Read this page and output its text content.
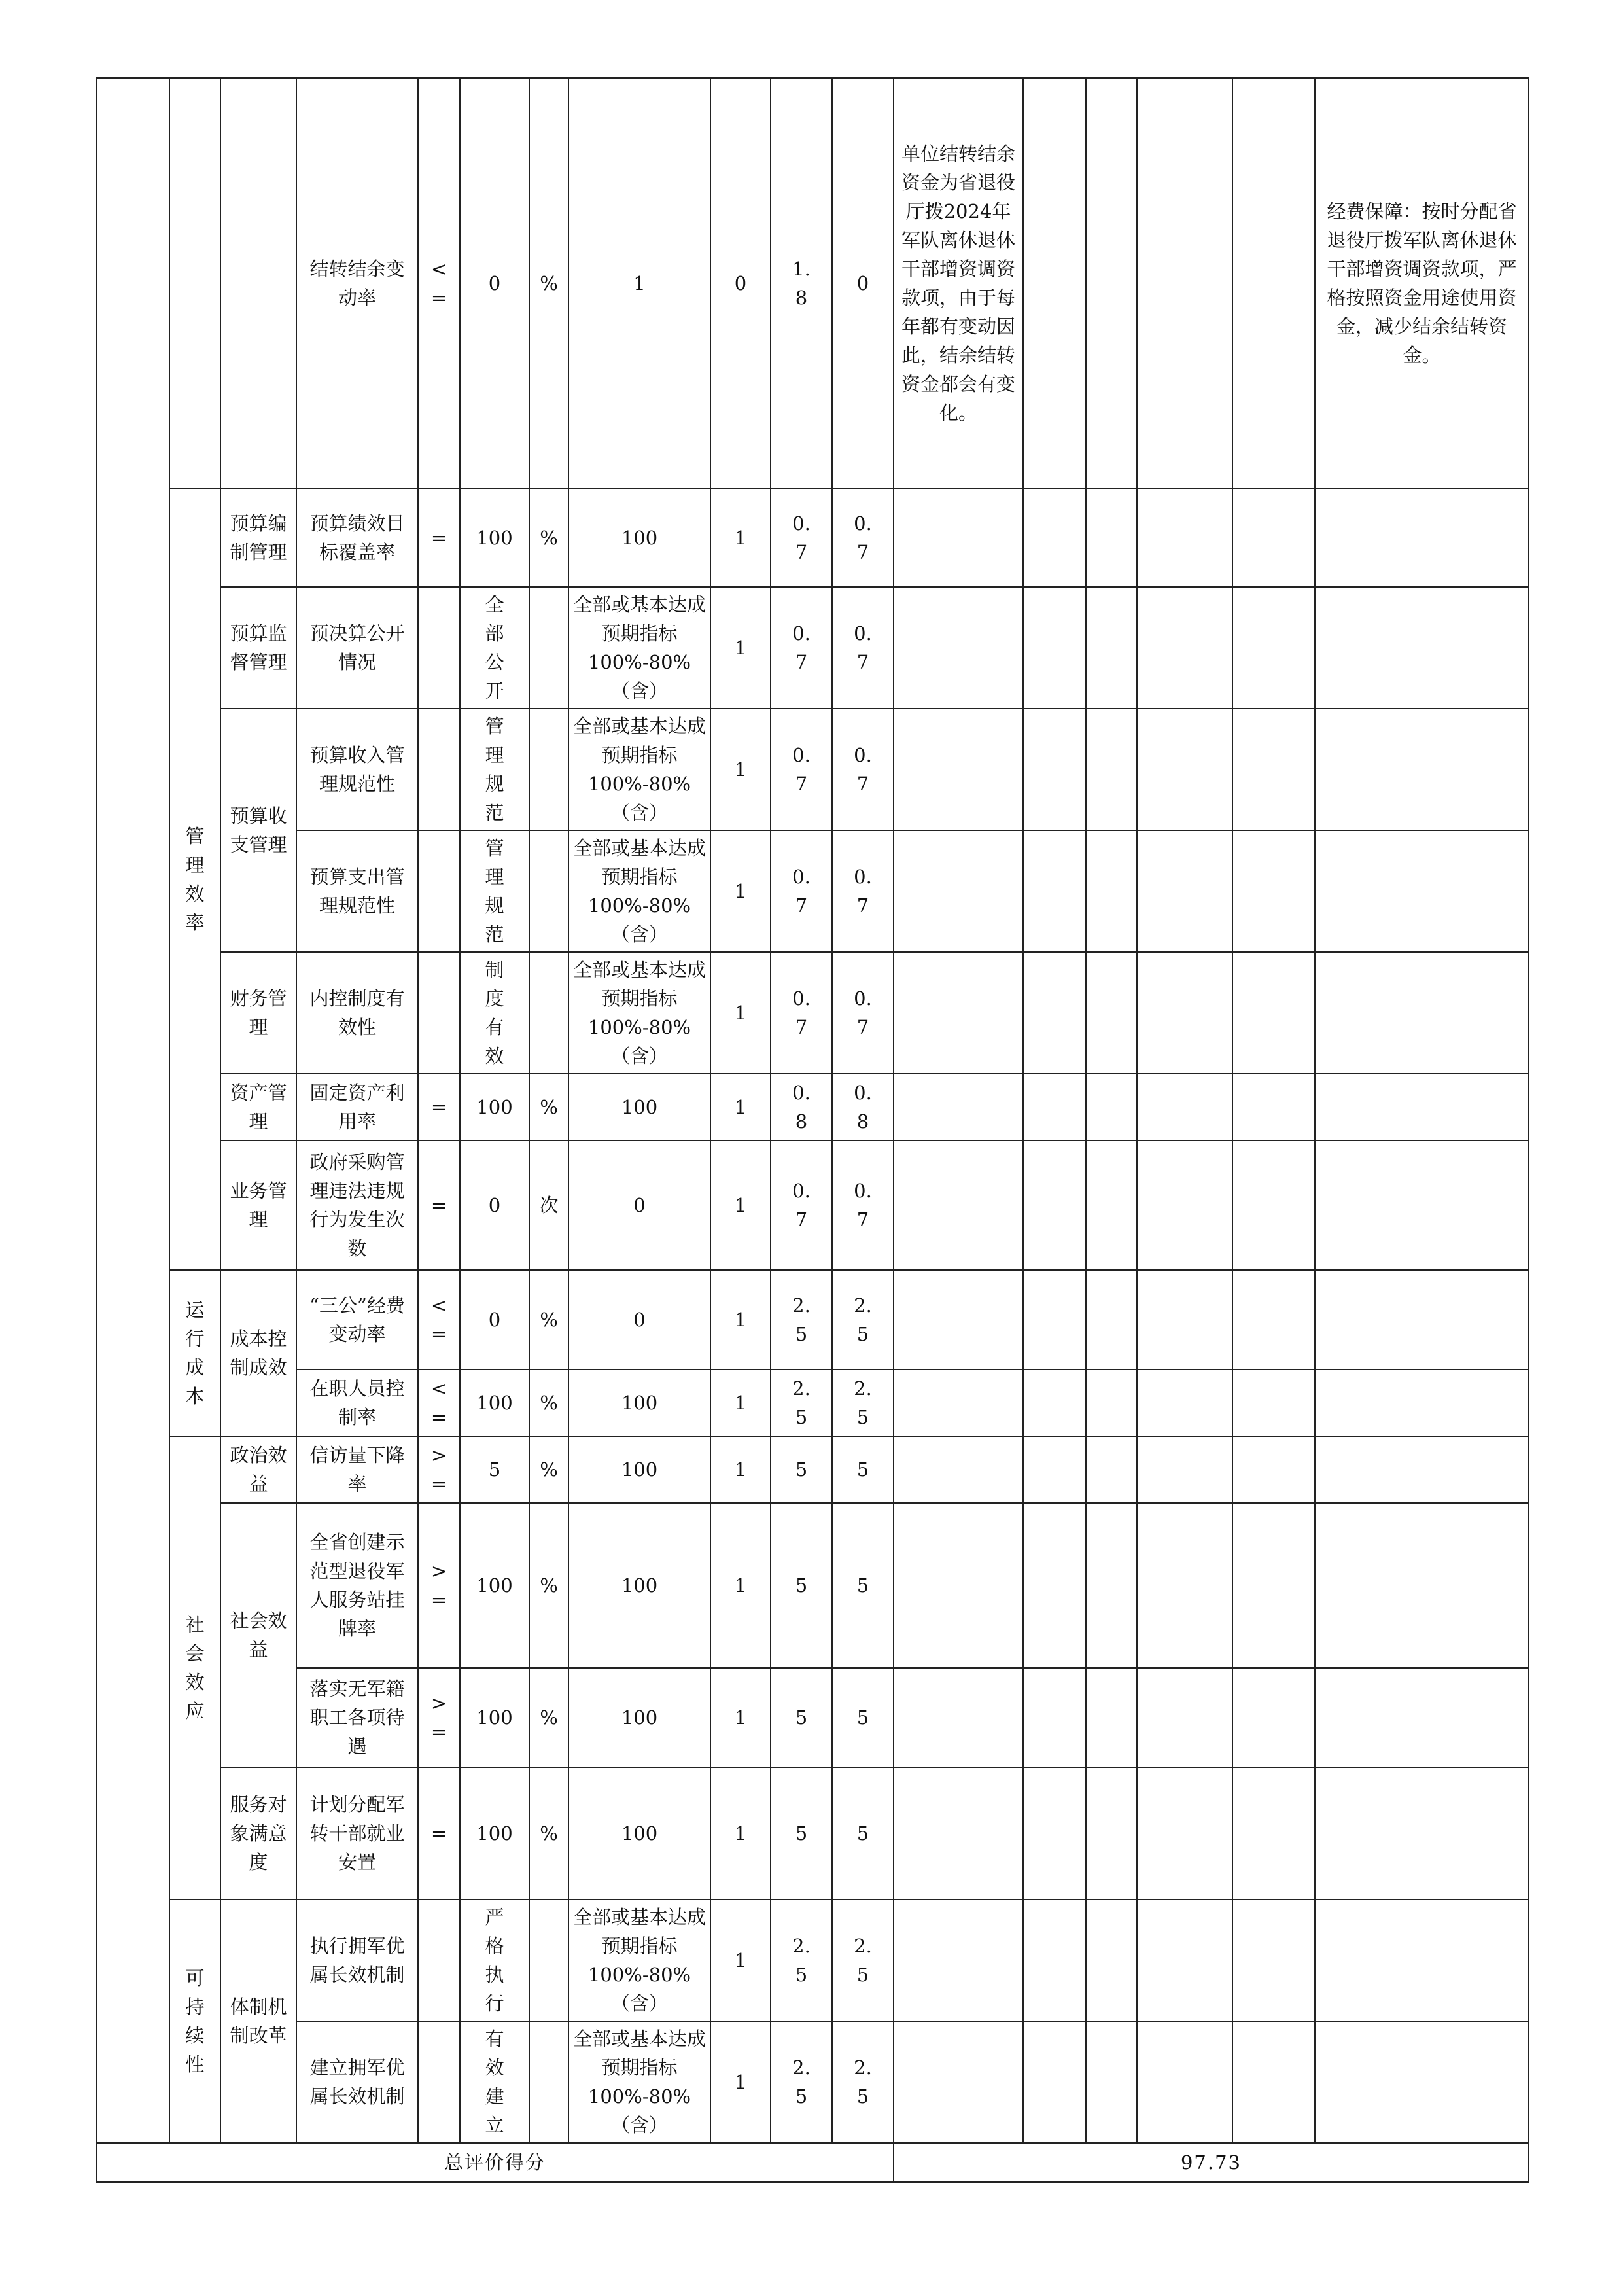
			结转结余变动率	<=	0	%	1	0	1.8	0	单位结转结余资金为省退役厅拨2024年军队离休退休干部增资调资款项，由于每年都有变动因此，结余结转资金都会有变化。					经费保障：按时分配省退役厅拨军队离休退休干部增资调资款项，严格按照资金用途使用资金，减少结余结转资金。
	管理效率	预算编制管理	预算绩效目标覆盖率	=	100	%	100	1	0.7	0.7						
		预算监督管理	预决算公开情况		全部公开		全部或基本达成预期指标100%-80%（含）	1	0.7	0.7						
		预算收支管理	预算收入管理规范性		管理规范		全部或基本达成预期指标100%-80%（含）	1	0.7	0.7						
			预算支出管理规范性		管理规范		全部或基本达成预期指标100%-80%（含）	1	0.7	0.7						
		财务管理	内控制度有效性		制度有效		全部或基本达成预期指标100%-80%（含）	1	0.7	0.7						
		资产管理	固定资产利用率	=	100	%	100	1	0.8	0.8						
		业务管理	政府采购管理违法违规行为发生次数	=	0	次	0	1	0.7	0.7						
	运行成本	成本控制成效	“三公”经费变动率	<=	0	%	0	1	2.5	2.5						
			在职人员控制率	<=	100	%	100	1	2.5	2.5						
	社会效应	政治效益	信访量下降率	>=	5	%	100	1	5	5						
		社会效益	全省创建示范型退役军人服务站挂牌率	>=	100	%	100	1	5	5						
			落实无军籍职工各项待遇	>=	100	%	100	1	5	5						
		服务对象满意度	计划分配军转干部就业安置	=	100	%	100	1	5	5						
	可持续性	体制机制改革	执行拥军优属长效机制		严格执行		全部或基本达成预期指标100%-80%（含）	1	2.5	2.5						
			建立拥军优属长效机制		有效建立		全部或基本达成预期指标100%-80%（含）	1	2.5	2.5						
总评价得分											97.73					
